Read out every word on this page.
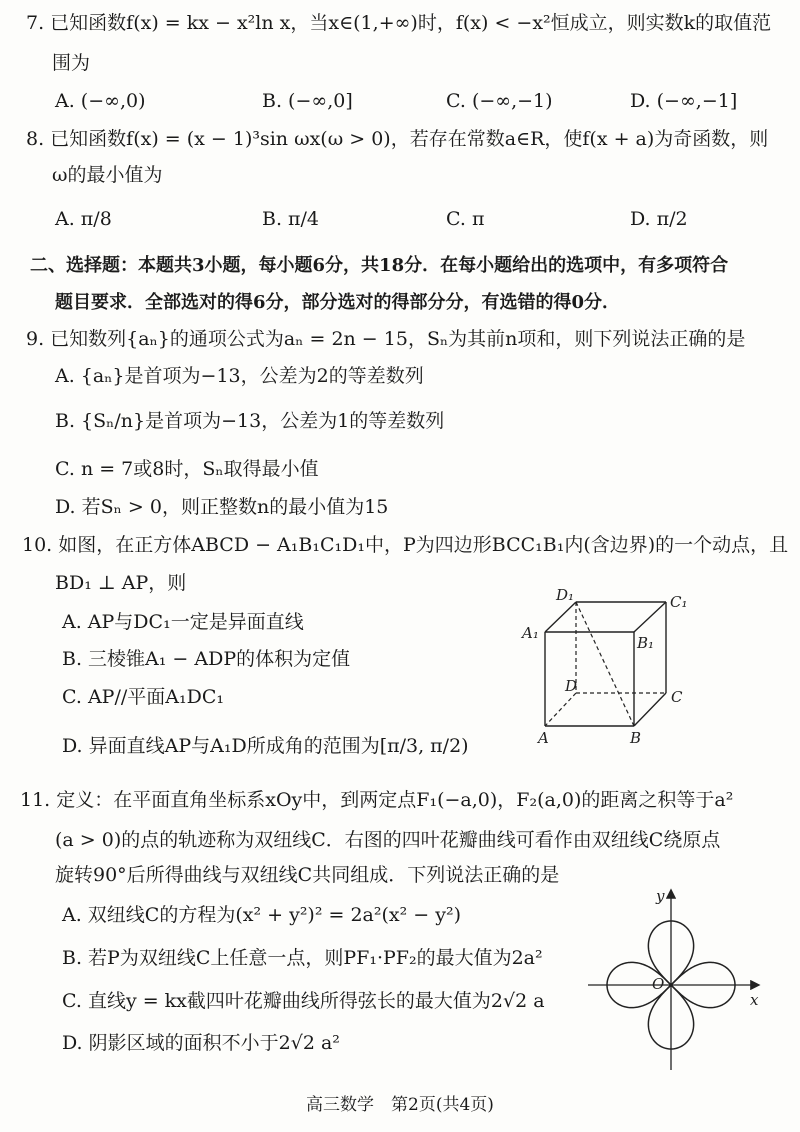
7. 已知函数f(x) = kx − x²ln x，当x∈(1,+∞)时，f(x) < −x²恒成立，则实数k的取值范
围为
A. (−∞,0)	B. (−∞,0]	C. (−∞,−1)	D. (−∞,−1]
8. 已知函数f(x) = (x − 1)³sin ωx(ω > 0)，若存在常数a∈R，使f(x + a)为奇函数，则
ω的最小值为
A. π/8	B. π/4	C. π	D. π/2
二、选择题：本题共3小题，每小题6分，共18分．在每小题给出的选项中，有多项符合
题目要求．全部选对的得6分，部分选对的得部分分，有选错的得0分．
9. 已知数列{aₙ}的通项公式为aₙ = 2n − 15，Sₙ为其前n项和，则下列说法正确的是
A. {aₙ}是首项为−13，公差为2的等差数列
B. {Sₙ/n}是首项为−13，公差为1的等差数列
C. n = 7或8时，Sₙ取得最小值
D. 若Sₙ > 0，则正整数n的最小值为15
10. 如图，在正方体ABCD − A₁B₁C₁D₁中，P为四边形BCC₁B₁内(含边界)的一个动点，且
BD₁ ⊥ AP，则
A. AP与DC₁一定是异面直线
B. 三棱锥A₁ − ADP的体积为定值
C. AP//平面A₁DC₁
D. 异面直线AP与A₁D所成角的范围为[π/3, π/2)
D₁	C₁
A₁
B₁
D
C
A	B
11. 定义：在平面直角坐标系xOy中，到两定点F₁(−a,0)，F₂(a,0)的距离之积等于a²
(a > 0)的点的轨迹称为双纽线C．右图的四叶花瓣曲线可看作由双纽线C绕原点
旋转90°后所得曲线与双纽线C共同组成．下列说法正确的是
A. 双纽线C的方程为(x² + y²)² = 2a²(x² − y²)
B. 若P为双纽线C上任意一点，则PF₁·PF₂的最大值为2a²
C. 直线y = kx截四叶花瓣曲线所得弦长的最大值为2√2 a
D. 阴影区域的面积不小于2√2 a²
y
x
O
高三数学　第2页(共4页)
